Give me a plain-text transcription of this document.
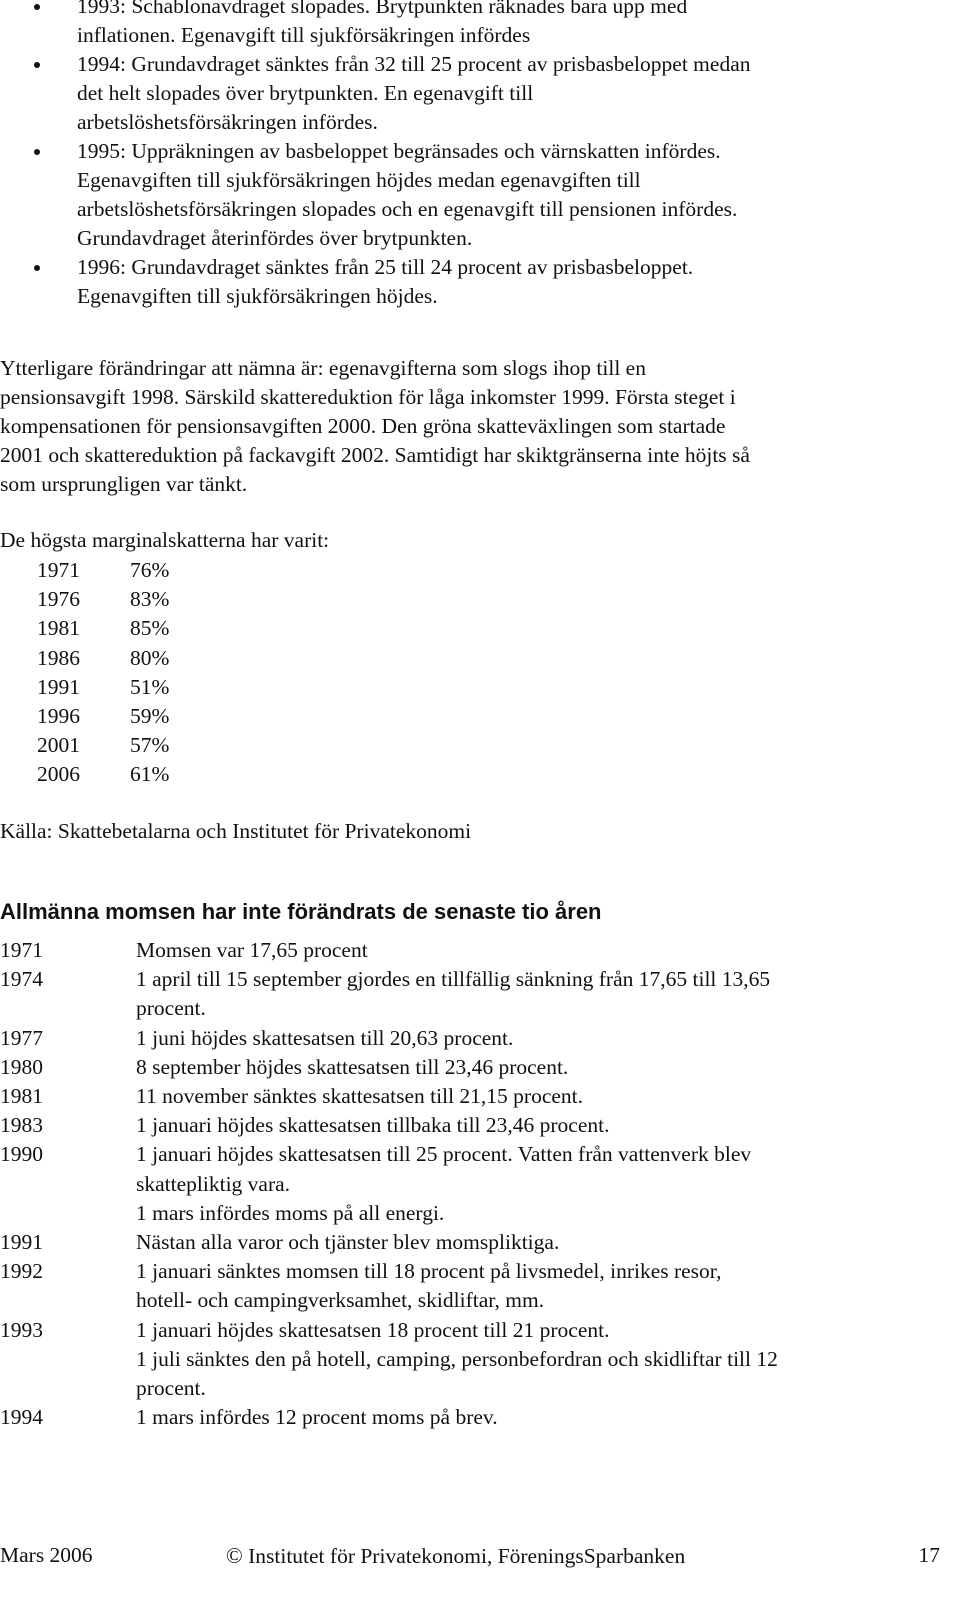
1993: Schablonavdraget slopades. Brytpunkten räknades bara upp med
inflationen. Egenavgift till sjukförsäkringen infördes
1994: Grundavdraget sänktes från 32 till 25 procent av prisbasbeloppet medan
det helt slopades över brytpunkten. En egenavgift till
arbetslöshetsförsäkringen infördes.
1995: Uppräkningen av basbeloppet begränsades och värnskatten infördes.
Egenavgiften till sjukförsäkringen höjdes medan egenavgiften till
arbetslöshetsförsäkringen slopades och en egenavgift till pensionen infördes.
Grundavdraget återinfördes över brytpunkten.
1996: Grundavdraget sänktes från 25 till 24 procent av prisbasbeloppet.
Egenavgiften till sjukförsäkringen höjdes.
Ytterligare förändringar att nämna är: egenavgifterna som slogs ihop till en
pensionsavgift 1998. Särskild skattereduktion för låga inkomster 1999. Första steget i
kompensationen för pensionsavgiften 2000. Den gröna skatteväxlingen som startade
2001 och skattereduktion på fackavgift 2002. Samtidigt har skiktgränserna inte höjts så
som ursprungligen var tänkt.

De högsta marginalskatterna har varit:

1971	76%
1976	83%
1981	85%
1986	80%
1991	51%
1996	59%
2001	57%
2006	61%

Källa: Skattebetalarna och Institutet för Privatekonomi

Allmänna momsen har inte förändrats de senaste tio åren
1971	Momsen var 17,65 procent
1974	1 april till 15 september gjordes en tillfällig sänkning från 17,65 till 13,65
procent.
1977	1 juni höjdes skattesatsen till 20,63 procent.
1980	8 september höjdes skattesatsen till 23,46 procent.
1981	11 november sänktes skattesatsen till 21,15 procent.
1983	1 januari höjdes skattesatsen tillbaka till 23,46 procent.
1990	1 januari höjdes skattesatsen till 25 procent. Vatten från vattenverk blev
skattepliktig vara.
1 mars infördes moms på all energi.
1991	Nästan alla varor och tjänster blev momspliktiga.
1992	1 januari sänktes momsen till 18 procent på livsmedel, inrikes resor,
hotell- och campingverksamhet, skidliftar, mm.
1993	1 januari höjdes skattesatsen 18 procent till 21 procent.
1 juli sänktes den på hotell, camping, personbefordran och skidliftar till 12
procent.
1994	1 mars infördes 12 procent moms på brev.
Mars 2006	© Institutet för Privatekonomi, FöreningsSparbanken	17
